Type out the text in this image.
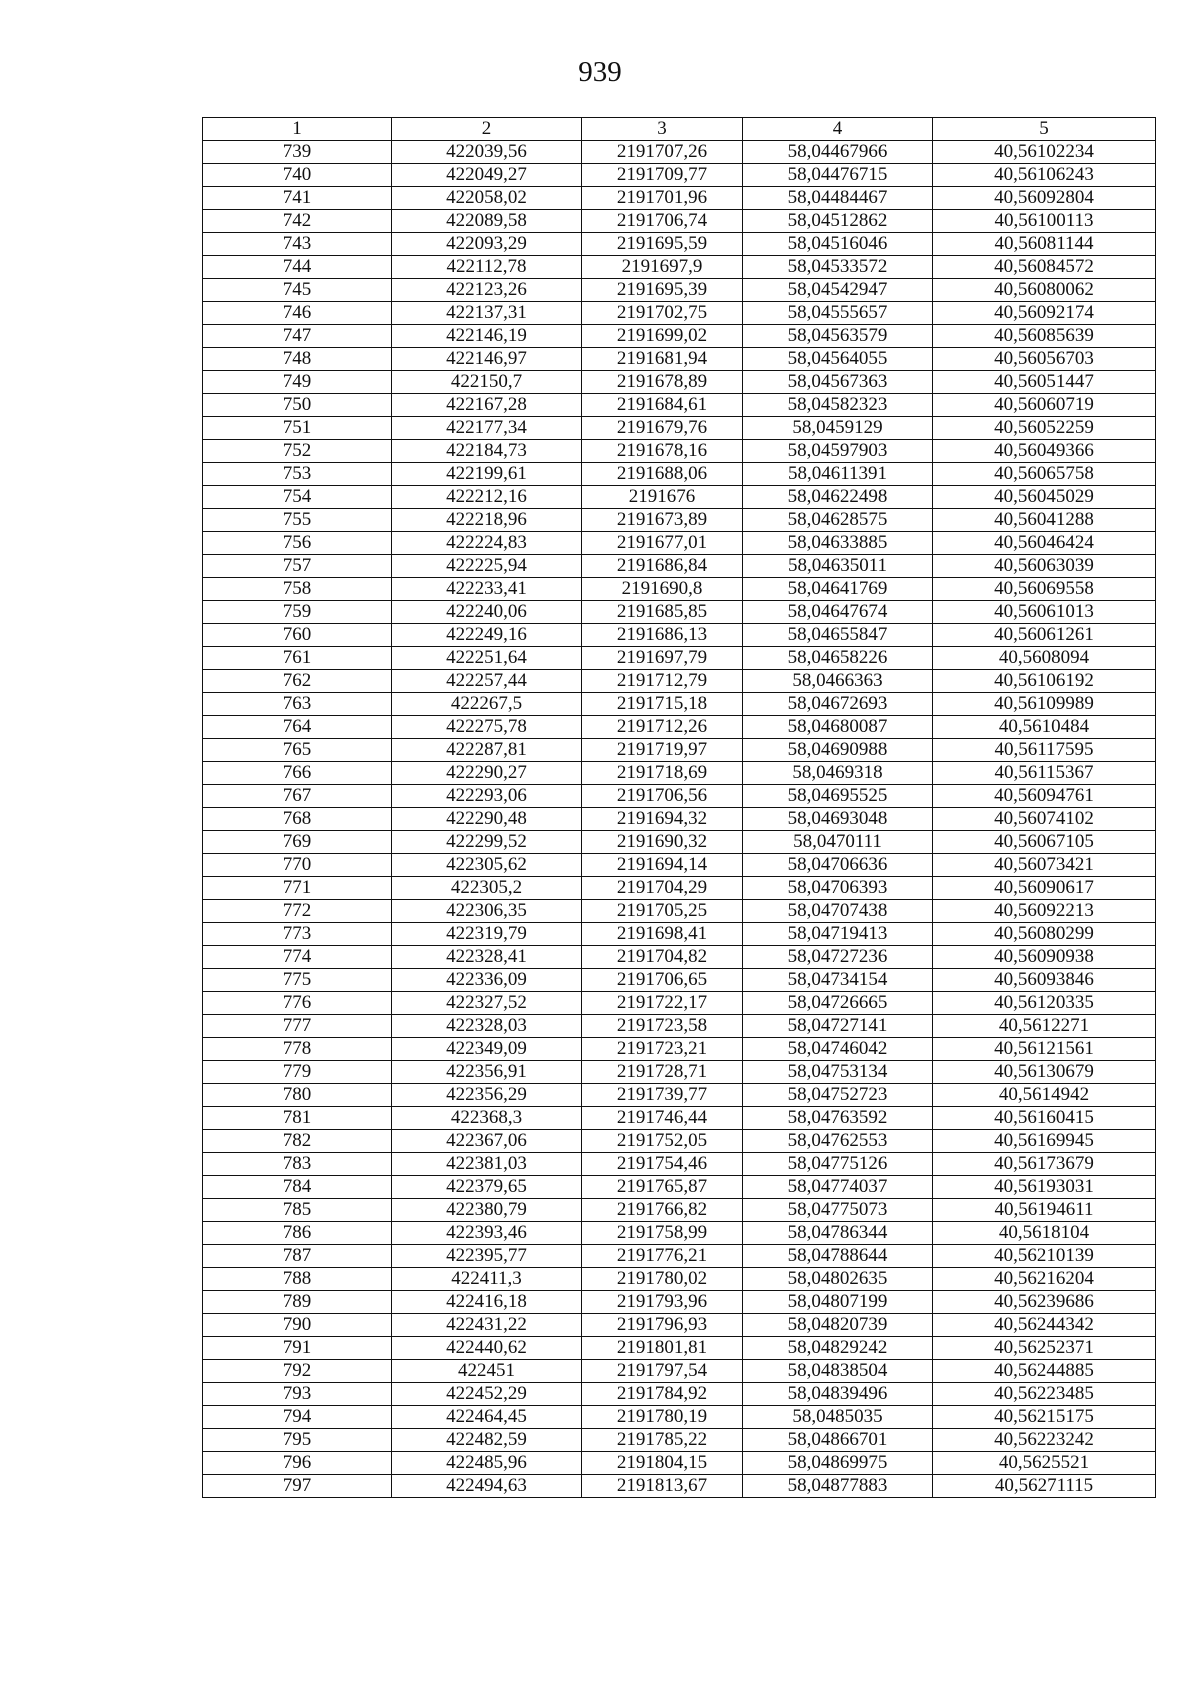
939
1	2	3	4	5
739	422039,56	2191707,26	58,04467966	40,56102234
740	422049,27	2191709,77	58,04476715	40,56106243
741	422058,02	2191701,96	58,04484467	40,56092804
742	422089,58	2191706,74	58,04512862	40,56100113
743	422093,29	2191695,59	58,04516046	40,56081144
744	422112,78	2191697,9	58,04533572	40,56084572
745	422123,26	2191695,39	58,04542947	40,56080062
746	422137,31	2191702,75	58,04555657	40,56092174
747	422146,19	2191699,02	58,04563579	40,56085639
748	422146,97	2191681,94	58,04564055	40,56056703
749	422150,7	2191678,89	58,04567363	40,56051447
750	422167,28	2191684,61	58,04582323	40,56060719
751	422177,34	2191679,76	58,0459129	40,56052259
752	422184,73	2191678,16	58,04597903	40,56049366
753	422199,61	2191688,06	58,04611391	40,56065758
754	422212,16	2191676	58,04622498	40,56045029
755	422218,96	2191673,89	58,04628575	40,56041288
756	422224,83	2191677,01	58,04633885	40,56046424
757	422225,94	2191686,84	58,04635011	40,56063039
758	422233,41	2191690,8	58,04641769	40,56069558
759	422240,06	2191685,85	58,04647674	40,56061013
760	422249,16	2191686,13	58,04655847	40,56061261
761	422251,64	2191697,79	58,04658226	40,5608094
762	422257,44	2191712,79	58,0466363	40,56106192
763	422267,5	2191715,18	58,04672693	40,56109989
764	422275,78	2191712,26	58,04680087	40,5610484
765	422287,81	2191719,97	58,04690988	40,56117595
766	422290,27	2191718,69	58,0469318	40,56115367
767	422293,06	2191706,56	58,04695525	40,56094761
768	422290,48	2191694,32	58,04693048	40,56074102
769	422299,52	2191690,32	58,0470111	40,56067105
770	422305,62	2191694,14	58,04706636	40,56073421
771	422305,2	2191704,29	58,04706393	40,56090617
772	422306,35	2191705,25	58,04707438	40,56092213
773	422319,79	2191698,41	58,04719413	40,56080299
774	422328,41	2191704,82	58,04727236	40,56090938
775	422336,09	2191706,65	58,04734154	40,56093846
776	422327,52	2191722,17	58,04726665	40,56120335
777	422328,03	2191723,58	58,04727141	40,5612271
778	422349,09	2191723,21	58,04746042	40,56121561
779	422356,91	2191728,71	58,04753134	40,56130679
780	422356,29	2191739,77	58,04752723	40,5614942
781	422368,3	2191746,44	58,04763592	40,56160415
782	422367,06	2191752,05	58,04762553	40,56169945
783	422381,03	2191754,46	58,04775126	40,56173679
784	422379,65	2191765,87	58,04774037	40,56193031
785	422380,79	2191766,82	58,04775073	40,56194611
786	422393,46	2191758,99	58,04786344	40,5618104
787	422395,77	2191776,21	58,04788644	40,56210139
788	422411,3	2191780,02	58,04802635	40,56216204
789	422416,18	2191793,96	58,04807199	40,56239686
790	422431,22	2191796,93	58,04820739	40,56244342
791	422440,62	2191801,81	58,04829242	40,56252371
792	422451	2191797,54	58,04838504	40,56244885
793	422452,29	2191784,92	58,04839496	40,56223485
794	422464,45	2191780,19	58,0485035	40,56215175
795	422482,59	2191785,22	58,04866701	40,56223242
796	422485,96	2191804,15	58,04869975	40,5625521
797	422494,63	2191813,67	58,04877883	40,56271115
